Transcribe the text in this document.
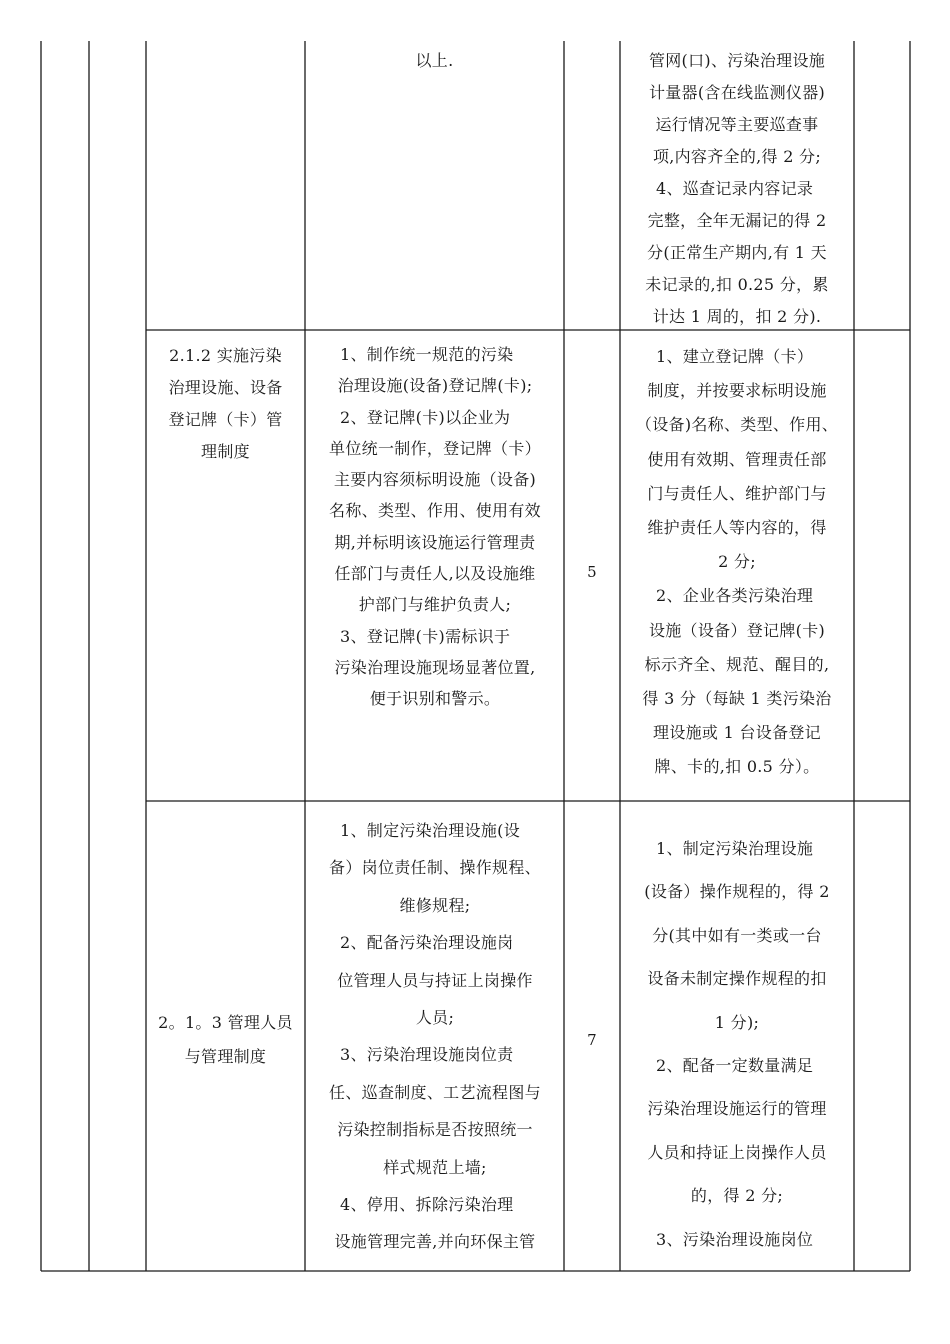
以上.	管网(口)、污染治理设施

计量器(含在线监测仪器)

运行情况等主要巡查事

项,内容齐全的,得 2 分;

4、巡查记录内容记录

完整，全年无漏记的得 2

分(正常生产期内,有 1 天

未记录的,扣 0.25 分，累

计达 1 周的，扣 2 分).

2.1.2 实施污染

治理设施、设备

登记牌（卡）管

理制度

1、制作统一规范的污染

治理设施(设备)登记牌(卡);

2、登记牌(卡)以企业为

单位统一制作，登记牌（卡）

主要内容须标明设施（设备)

名称、类型、作用、使用有效

期,并标明该设施运行管理责

任部门与责任人,以及设施维

护部门与维护负责人;

3、登记牌(卡)需标识于

污染治理设施现场显著位置,

便于识别和警示。

5

1、建立登记牌（卡）

制度，并按要求标明设施

（设备)名称、类型、作用、

使用有效期、管理责任部

门与责任人、维护部门与

维护责任人等内容的，得

2 分;

2、企业各类污染治理

设施（设备）登记牌(卡)

标示齐全、规范、醒目的,

得 3 分（每缺 1 类污染治

理设施或 1 台设备登记

牌、卡的,扣 0.5 分）。

2。1。3 管理人员

与管理制度

1、制定污染治理设施(设

备）岗位责任制、操作规程、

维修规程;

2、配备污染治理设施岗

位管理人员与持证上岗操作

人员;

3、污染治理设施岗位责

任、巡查制度、工艺流程图与

污染控制指标是否按照统一

样式规范上墙;

4、停用、拆除污染治理

设施管理完善,并向环保主管

7

1、制定污染治理设施

(设备）操作规程的，得 2

分(其中如有一类或一台

设备未制定操作规程的扣

1 分);

2、配备一定数量满足

污染治理设施运行的管理

人员和持证上岗操作人员

的，得 2 分;

3、污染治理设施岗位
